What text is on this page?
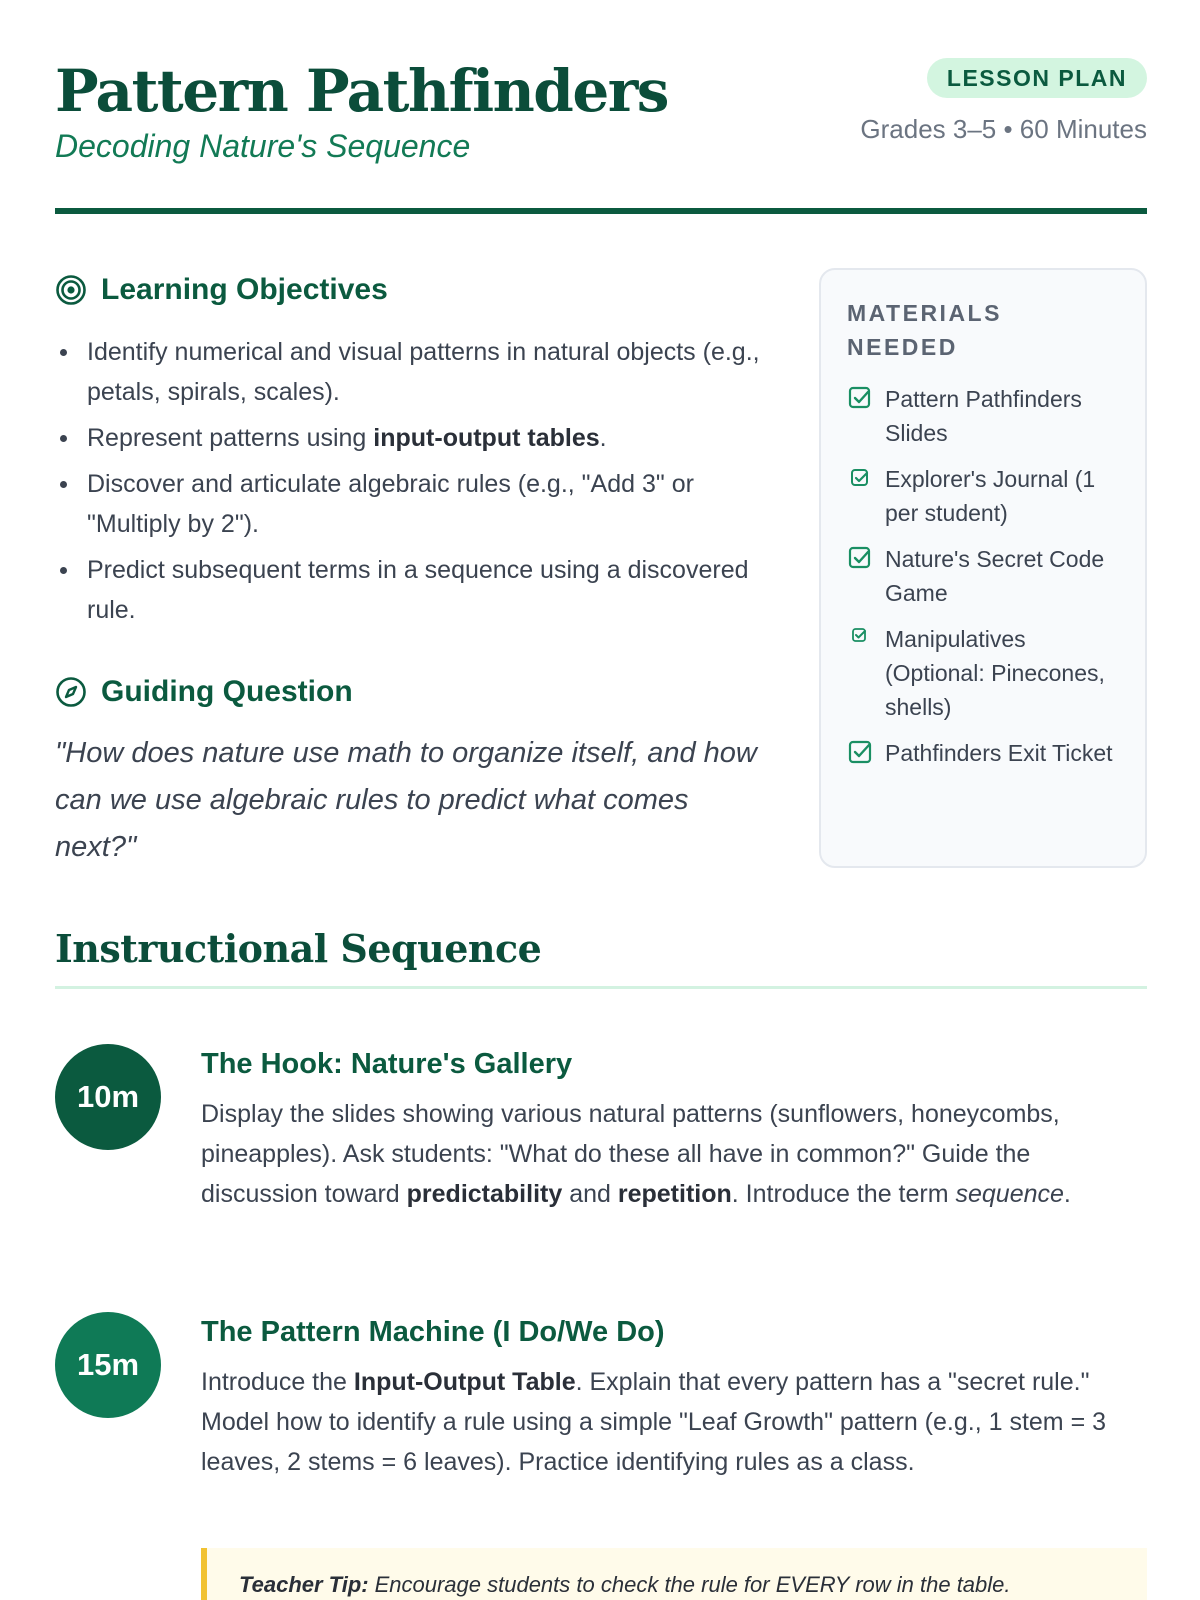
Pattern Pathfinders
Decoding Nature's Sequence
LESSON PLAN
Grades 3–5 • 60 Minutes
Learning Objectives
Identify numerical and visual patterns in natural objects (e.g., petals, spirals, scales).
Represent patterns using input-output tables.
Discover and articulate algebraic rules (e.g., "Add 3" or "Multiply by 2").
Predict subsequent terms in a sequence using a discovered rule.
Guiding Question
"How does nature use math to organize itself, and how can we use algebraic rules to predict what comes next?"
MATERIALS NEEDED
Pattern Pathfinders Slides
Explorer's Journal (1 per student)
Nature's Secret Code Game
Manipulatives (Optional: Pinecones, shells)
Pathfinders Exit Ticket
Instructional Sequence
10m
The Hook: Nature's Gallery
Display the slides showing various natural patterns (sunflowers, honeycombs, pineapples). Ask students: "What do these all have in common?" Guide the discussion toward predictability and repetition. Introduce the term sequence.
15m
The Pattern Machine (I Do/We Do)
Introduce the Input-Output Table. Explain that every pattern has a "secret rule." Model how to identify a rule using a simple "Leaf Growth" pattern (e.g., 1 stem = 3 leaves, 2 stems = 6 leaves). Practice identifying rules as a class.
Teacher Tip: Encourage students to check the rule for EVERY row in the table.
